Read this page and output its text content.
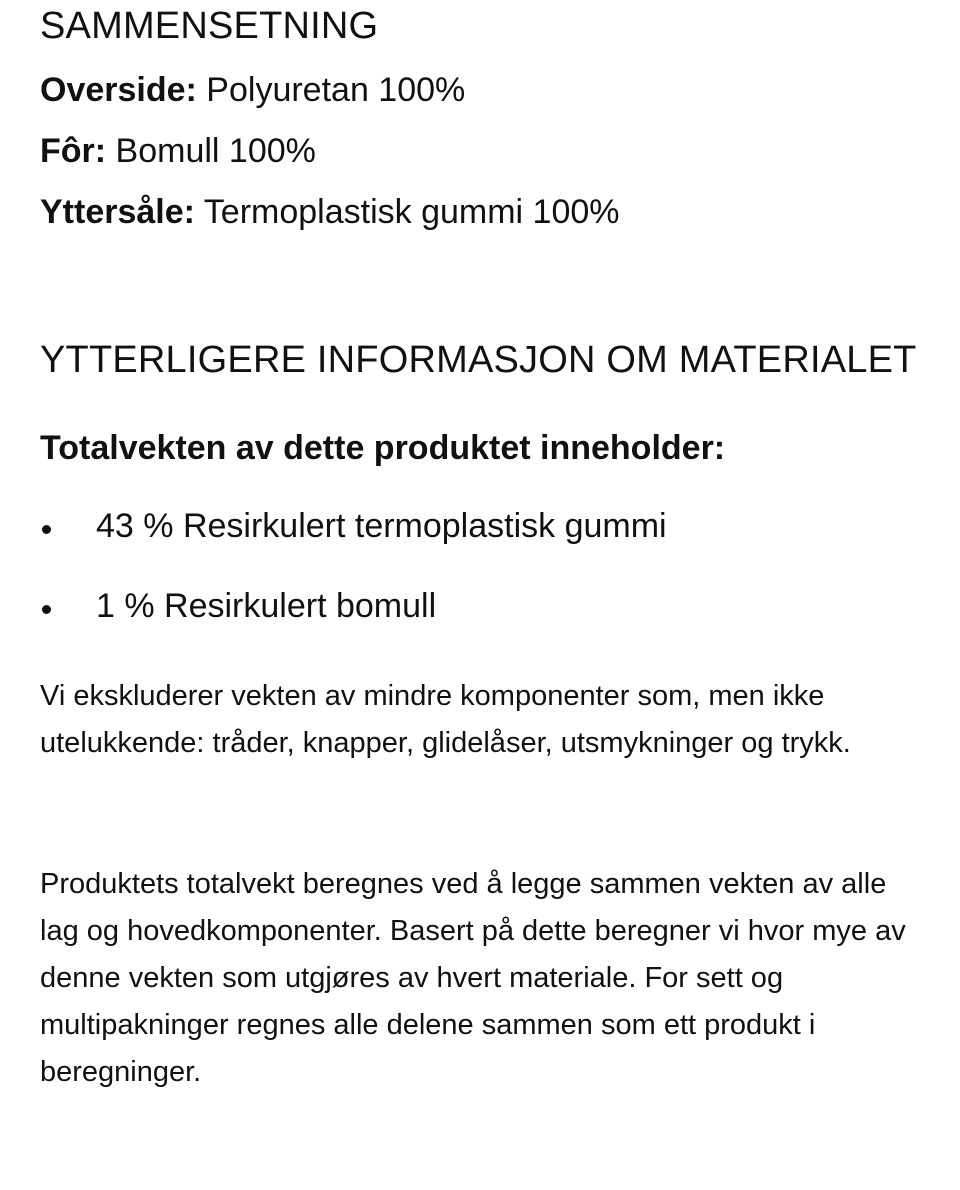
SAMMENSETNING
Overside: Polyuretan 100%
Fôr: Bomull 100%
Yttersåle: Termoplastisk gummi 100%
YTTERLIGERE INFORMASJON OM MATERIALET
Totalvekten av dette produktet inneholder:
43 % Resirkulert termoplastisk gummi
1 % Resirkulert bomull

Vi ekskluderer vekten av mindre komponenter som, men ikke utelukkende: tråder, knapper, glidelåser, utsmykninger og trykk.

Produktets totalvekt beregnes ved å legge sammen vekten av alle lag og hovedkomponenter. Basert på dette beregner vi hvor mye av denne vekten som utgjøres av hvert materiale. For sett og multipakninger regnes alle delene sammen som ett produkt i beregninger.
